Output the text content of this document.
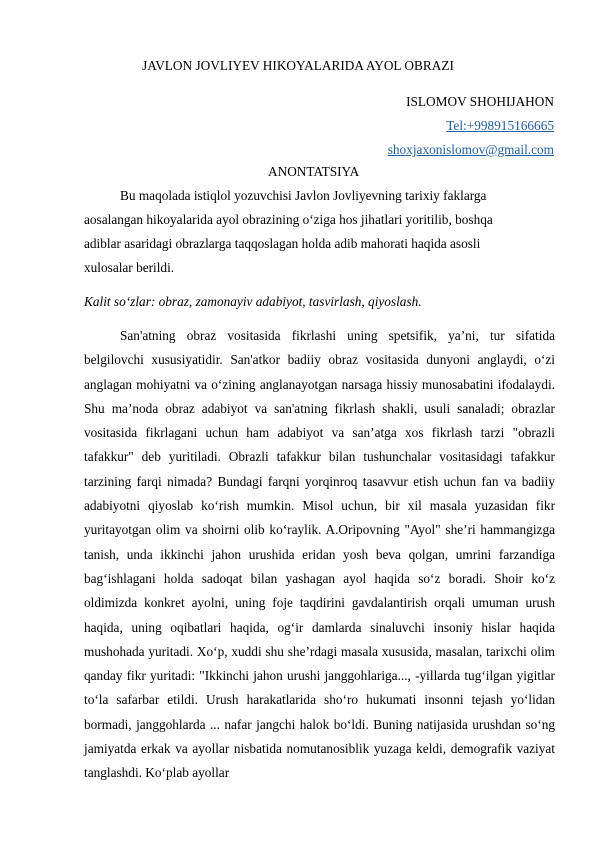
JAVLON JOVLIYEV HIKOYALARIDA AYOL OBRAZI
ISLOMOV SHOHIJAHON
Tel:+998915166665
shoxjaxonislomov@gmail.com
ANONTATSIYA
Bu maqolada istiqlol yozuvchisi Javlon Jovliyevning tarixiy faklarga aosalangan hikoyalarida ayol obrazining o‘ziga hos jihatlari yoritilib, boshqa adiblar asaridagi obrazlarga taqqoslagan holda adib mahorati haqida asosli xulosalar berildi.
Kalit so‘zlar: obraz, zamonayiv adabiyot, tasvirlash, qiyoslash.

San'atning obraz vositasida fikrlashi uning spetsifik, ya’ni, tur sifatida belgilovchi xususiyatidir. San'atkor badiiy obraz vositasida dunyoni anglaydi, o‘zi anglagan mohiyatni va o‘zining anglanayotgan narsaga hissiy munosabatini ifodalaydi. Shu ma’noda obraz adabiyot va san'atning fikrlash shakli, usuli sanaladi; obrazlar vositasida fikrlagani uchun ham adabiyot va san’atga xos fikrlash tarzi "obrazli tafakkur" deb yuritiladi. Obrazli tafakkur bilan tushunchalar vositasidagi tafakkur tarzining farqi nimada? Bundagi farqni yorqinroq tasavvur etish uchun fan va badiiy adabiyotni qiyoslab ko‘rish mumkin. Misol uchun, bir xil masala yuzasidan fikr yuritayotgan olim va shoirni olib ko‘raylik. A.Oripovning "Ayol" she’ri hammangizga tanish, unda ikkinchi jahon urushida eridan yosh beva qolgan, umrini farzandiga bag‘ishlagani holda sadoqat bilan yashagan ayol haqida so‘z boradi. Shoir ko‘z oldimizda konkret ayolni, uning foje taqdirini gavdalantirish orqali umuman urush haqida, uning oqibatlari haqida, og‘ir damlarda sinaluvchi insoniy hislar haqida mushohada yuritadi. Xo‘p, xuddi shu she’rdagi masala xususida, masalan, tarixchi olim qanday fikr yuritadi: "Ikkinchi jahon urushi janggohlariga..., -yillarda tug‘ilgan yigitlar to‘la safarbar etildi. Urush harakatlarida sho‘ro hukumati insonni tejash yo‘lidan bormadi, janggohlarda ... nafar jangchi halok bo‘ldi. Buning natijasida urushdan so‘ng jamiyatda erkak va ayollar nisbatida nomutanosiblik yuzaga keldi, demografik vaziyat tanglashdi. Ko‘plab ayollar
